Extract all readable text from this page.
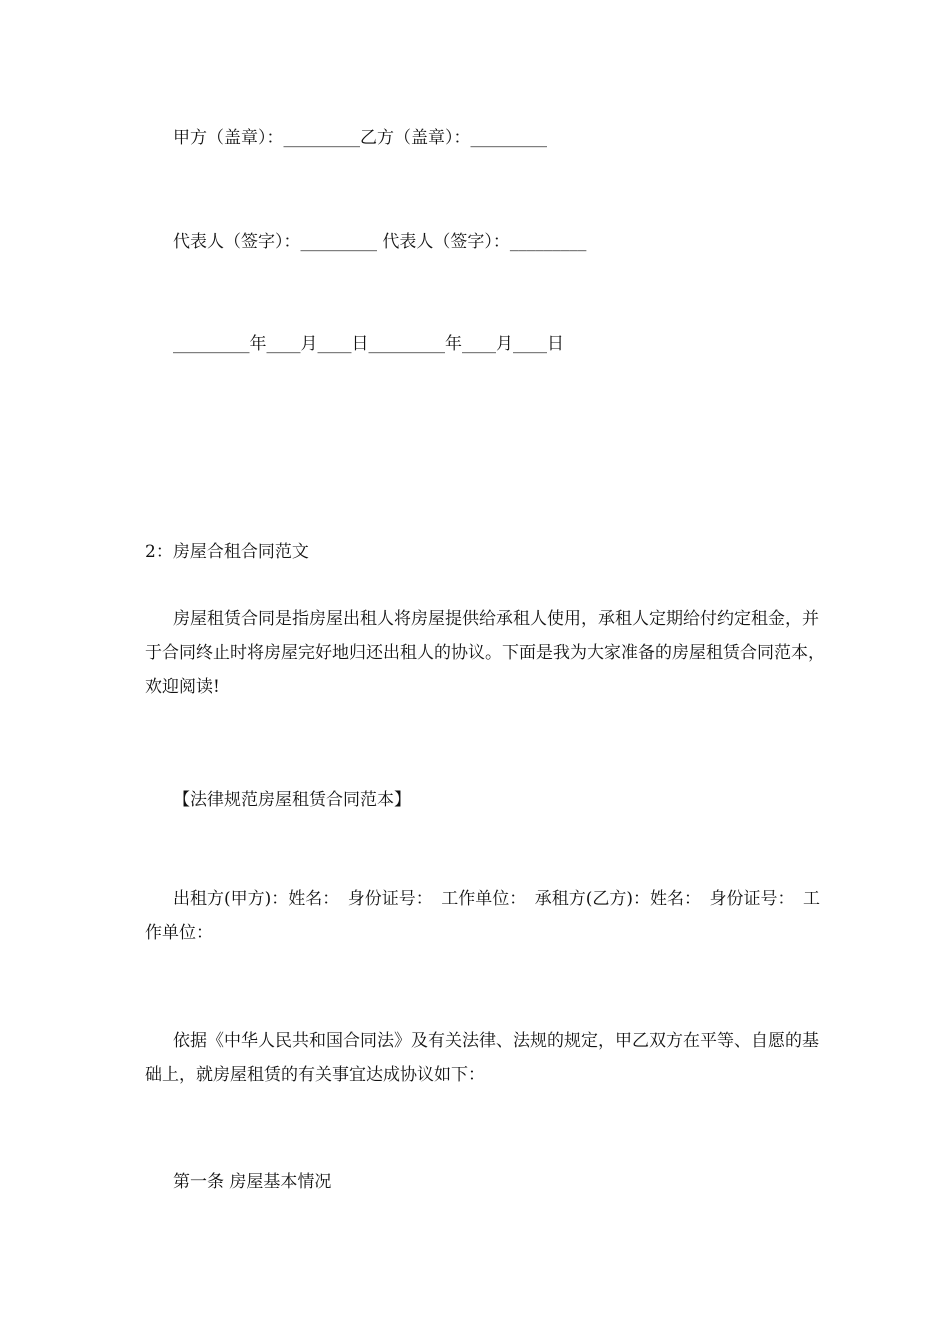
甲方（盖章）：_________乙方（盖章）：_________
代表人（签字）：_________ 代表人（签字）：_________
_________年____月____日_________年____月____日
2：房屋合租合同范文
房屋租赁合同是指房屋出租人将房屋提供给承租人使用，承租人定期给付约定租金，并于合同终止时将房屋完好地归还出租人的协议。下面是我为大家准备的房屋租赁合同范本，欢迎阅读!
【法律规范房屋租赁合同范本】
出租方(甲方)：姓名：　身份证号：　工作单位：　承租方(乙方)：姓名：　身份证号：　工作单位：
依据《中华人民共和国合同法》及有关法律、法规的规定，甲乙双方在平等、自愿的基础上，就房屋租赁的有关事宜达成协议如下：
第一条 房屋基本情况
